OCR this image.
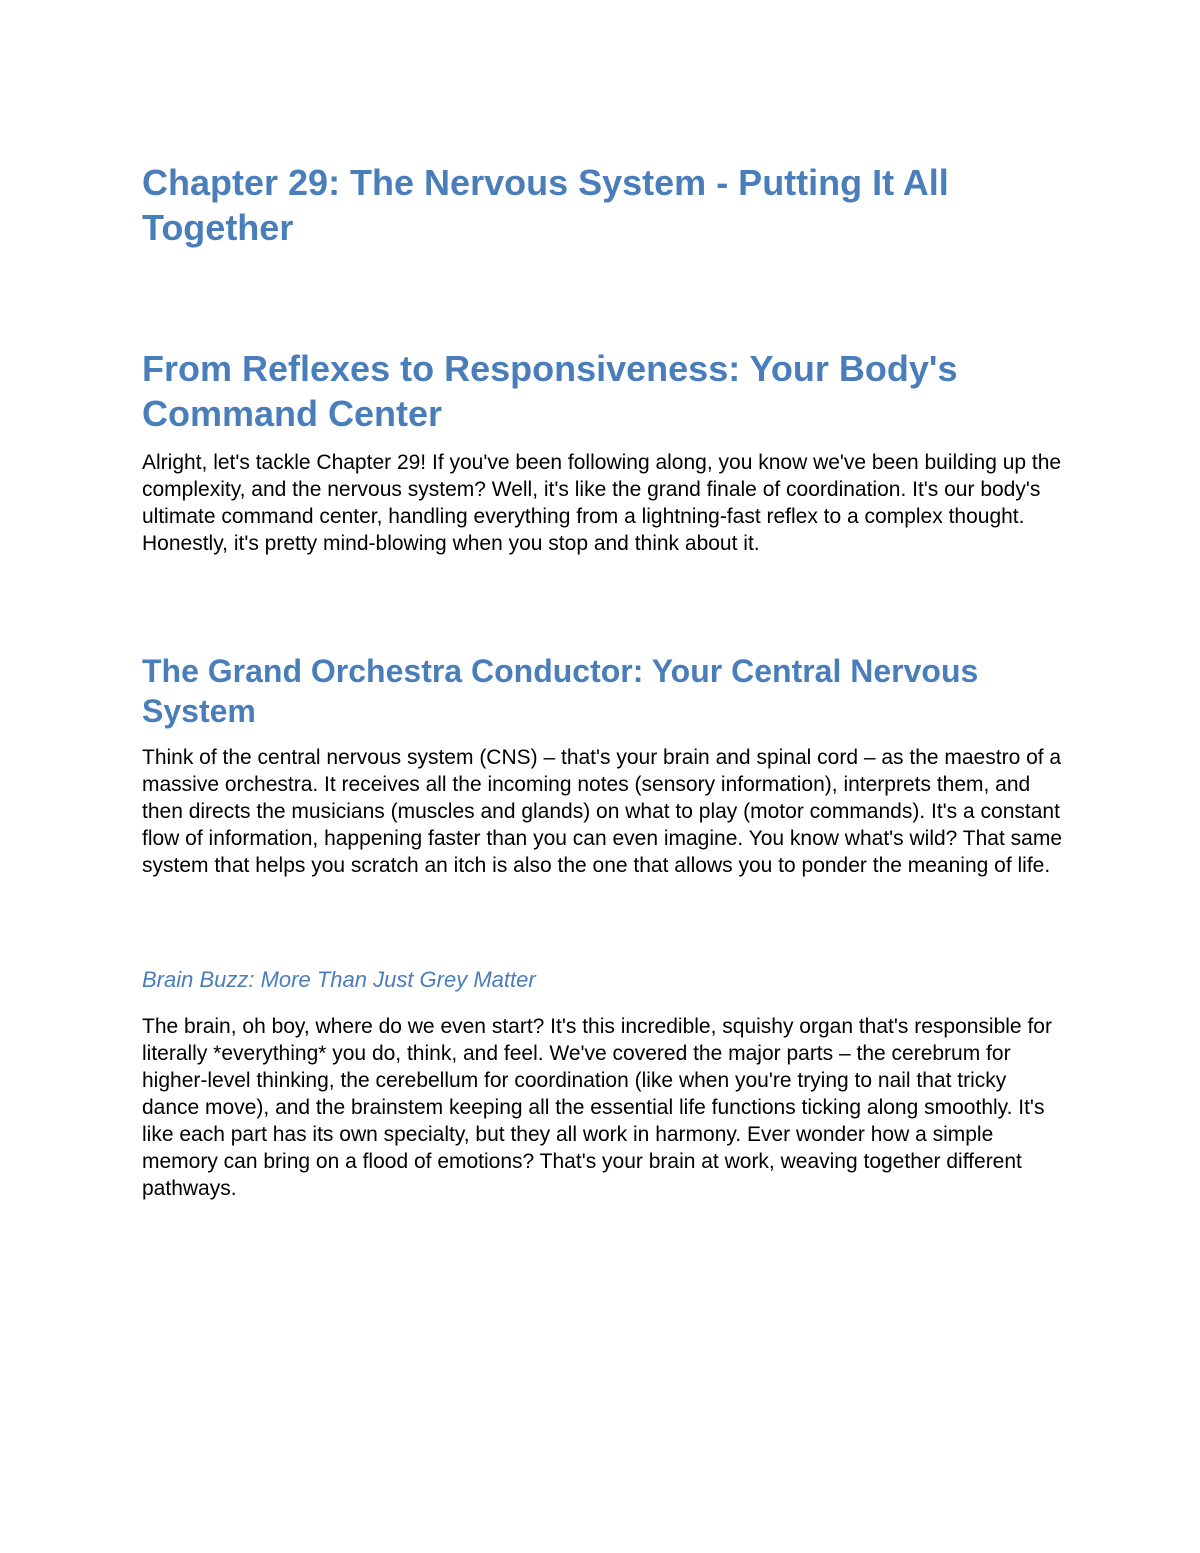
Chapter 29: The Nervous System - Putting It All Together
From Reflexes to Responsiveness: Your Body's Command Center

Alright, let's tackle Chapter 29! If you've been following along, you know we've been building up the complexity, and the nervous system? Well, it's like the grand finale of coordination. It's our body's ultimate command center, handling everything from a lightning-fast reflex to a complex thought. Honestly, it's pretty mind-blowing when you stop and think about it.

The Grand Orchestra Conductor: Your Central Nervous System

Think of the central nervous system (CNS) – that's your brain and spinal cord – as the maestro of a massive orchestra. It receives all the incoming notes (sensory information), interprets them, and then directs the musicians (muscles and glands) on what to play (motor commands). It's a constant flow of information, happening faster than you can even imagine. You know what's wild? That same system that helps you scratch an itch is also the one that allows you to ponder the meaning of life.

Brain Buzz: More Than Just Grey Matter

The brain, oh boy, where do we even start? It's this incredible, squishy organ that's responsible for literally *everything* you do, think, and feel. We've covered the major parts – the cerebrum for higher-level thinking, the cerebellum for coordination (like when you're trying to nail that tricky dance move), and the brainstem keeping all the essential life functions ticking along smoothly. It's like each part has its own specialty, but they all work in harmony. Ever wonder how a simple memory can bring on a flood of emotions? That's your brain at work, weaving together different pathways.
